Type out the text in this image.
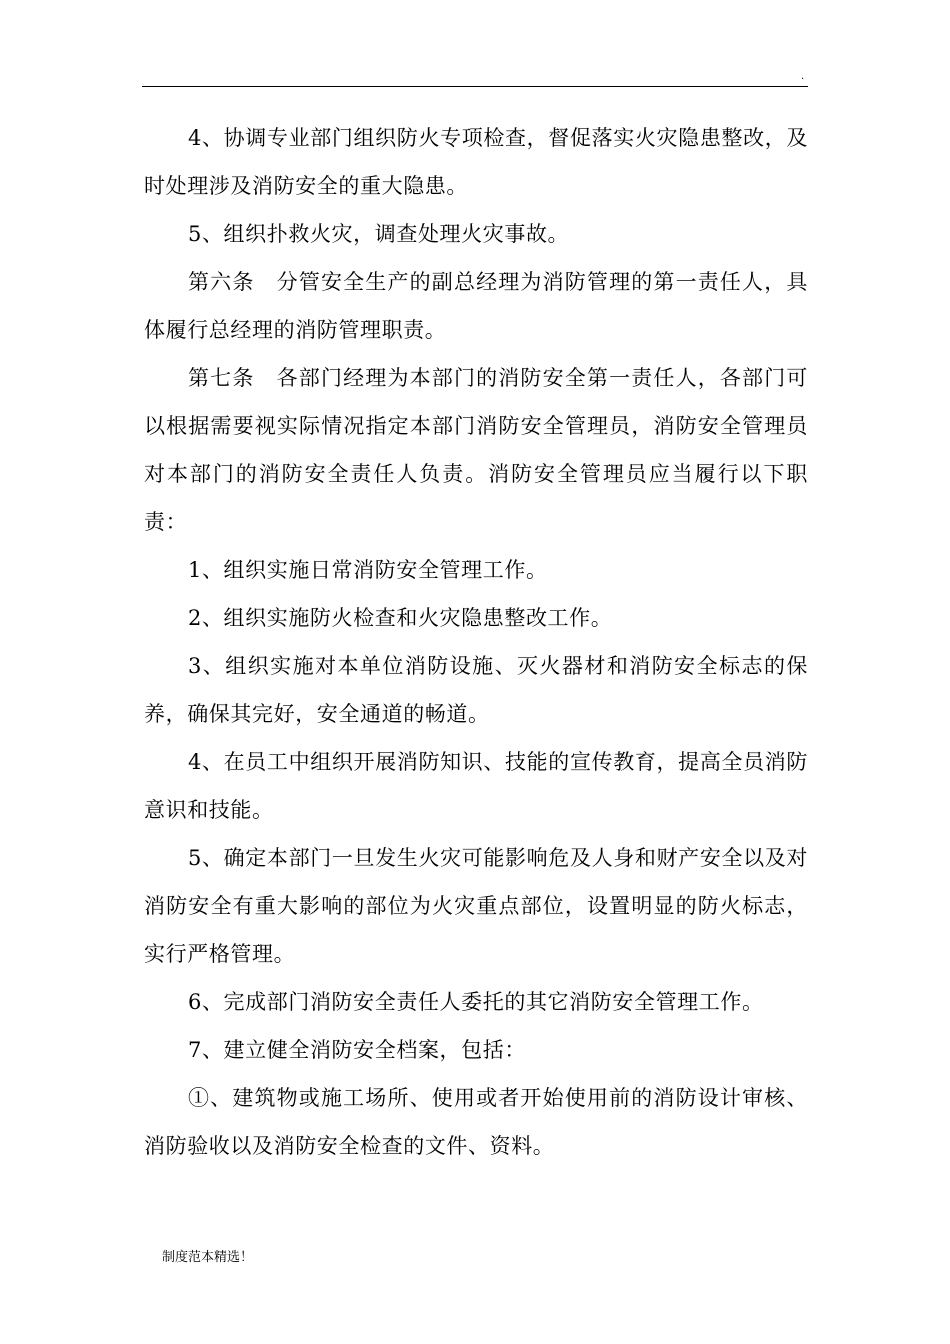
.

4、协调专业部门组织防火专项检查，督促落实火灾隐患整改，及时处理涉及消防安全的重大隐患。

5、组织扑救火灾，调查处理火灾事故。

第六条　分管安全生产的副总经理为消防管理的第一责任人，具体履行总经理的消防管理职责。

第七条　各部门经理为本部门的消防安全第一责任人，各部门可以根据需要视实际情况指定本部门消防安全管理员，消防安全管理员对本部门的消防安全责任人负责。消防安全管理员应当履行以下职责：

1、组织实施日常消防安全管理工作。

2、组织实施防火检查和火灾隐患整改工作。

3、组织实施对本单位消防设施、灭火器材和消防安全标志的保养，确保其完好，安全通道的畅道。

4、在员工中组织开展消防知识、技能的宣传教育，提高全员消防意识和技能。

5、确定本部门一旦发生火灾可能影响危及人身和财产安全以及对消防安全有重大影响的部位为火灾重点部位，设置明显的防火标志，实行严格管理。

6、完成部门消防安全责任人委托的其它消防安全管理工作。

7、建立健全消防安全档案，包括：

①、建筑物或施工场所、使用或者开始使用前的消防设计审核、消防验收以及消防安全检查的文件、资料。

制度范本精选！
